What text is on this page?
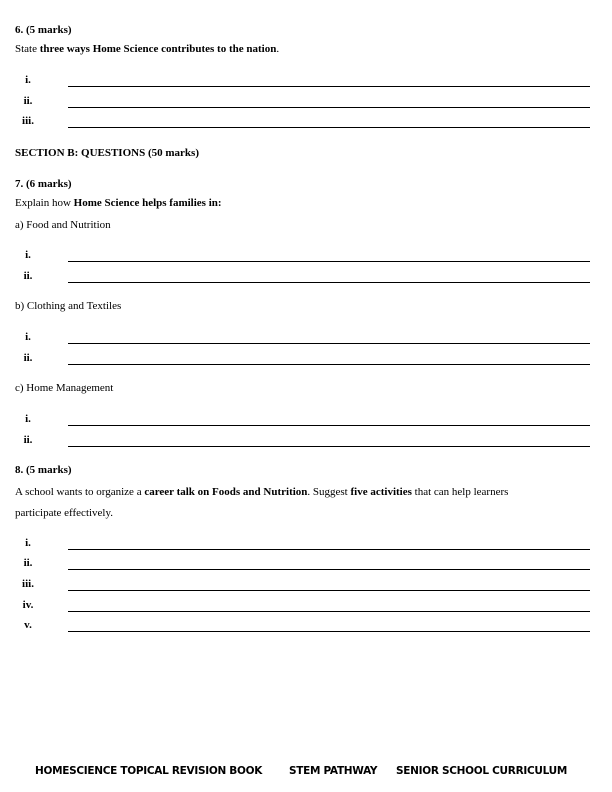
6. (5 marks)
State three ways Home Science contributes to the nation.
i.
ii.
iii.
SECTION B: QUESTIONS (50 marks)
7. (6 marks)
Explain how Home Science helps families in:
a) Food and Nutrition
i.
ii.
b) Clothing and Textiles
i.
ii.
c) Home Management
i.
ii.
8. (5 marks)
A school wants to organize a career talk on Foods and Nutrition. Suggest five activities that can help learners
participate effectively.
i.
ii.
iii.
iv.
v.
HOMESCIENCE TOPICAL REVISION BOOK	STEM PATHWAY SENIOR SCHOOL CURRICULUM
